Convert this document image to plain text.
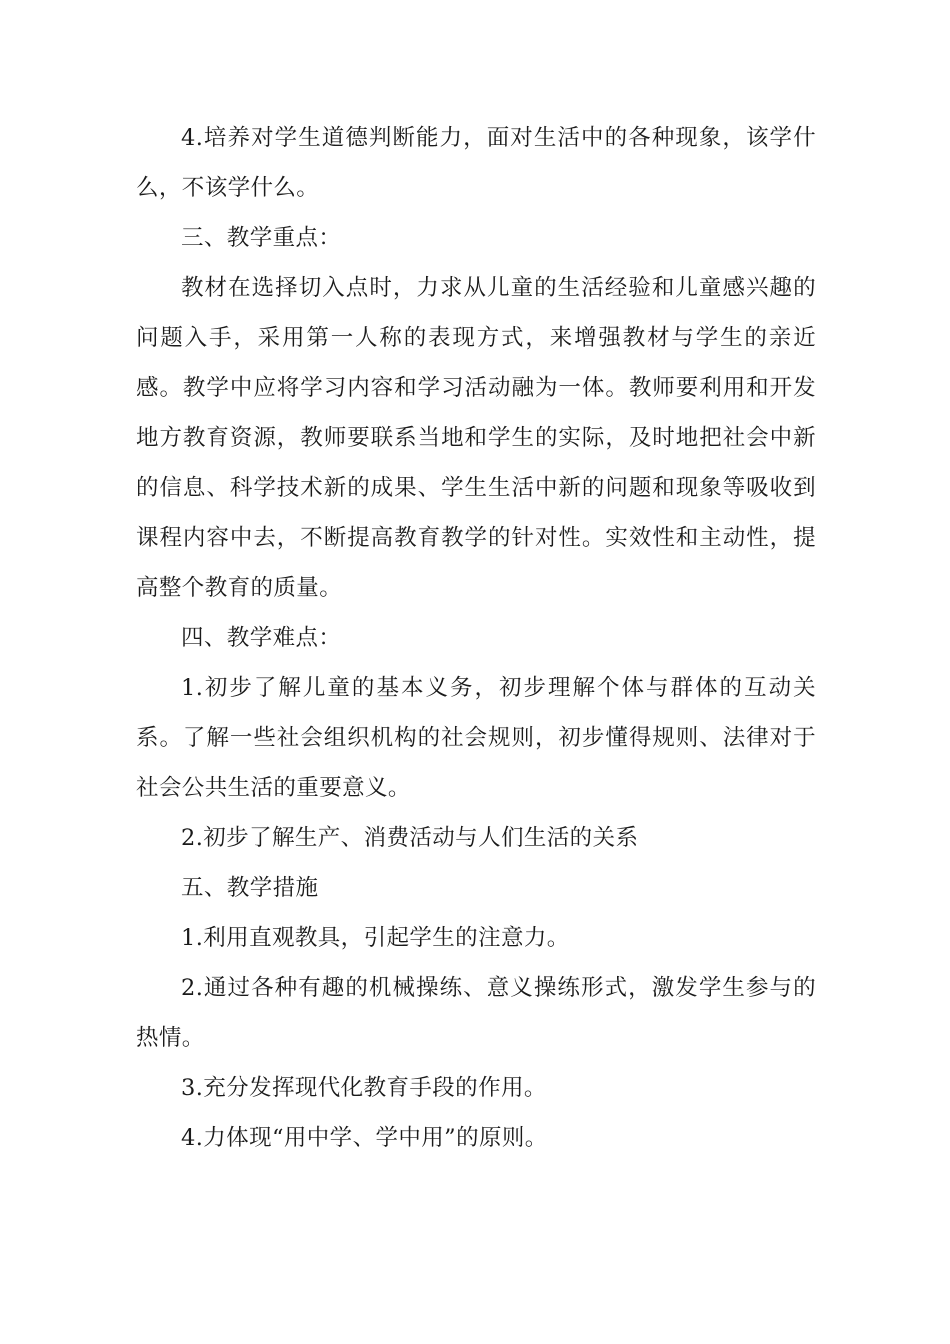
4.培养对学生道德判断能力，面对生活中的各种现象，该学什么，不该学什么。

三、教学重点：

教材在选择切入点时，力求从儿童的生活经验和儿童感兴趣的问题入手，采用第一人称的表现方式，来增强教材与学生的亲近感。教学中应将学习内容和学习活动融为一体。教师要利用和开发地方教育资源，教师要联系当地和学生的实际，及时地把社会中新的信息、科学技术新的成果、学生生活中新的问题和现象等吸收到课程内容中去，不断提高教育教学的针对性。实效性和主动性，提高整个教育的质量。

四、教学难点：

1.初步了解儿童的基本义务，初步理解个体与群体的互动关系。了解一些社会组织机构的社会规则，初步懂得规则、法律对于社会公共生活的重要意义。

2.初步了解生产、消费活动与人们生活的关系

五、教学措施

1.利用直观教具，引起学生的注意力。

2.通过各种有趣的机械操练、意义操练形式，激发学生参与的热情。

3.充分发挥现代化教育手段的作用。

4.力体现“用中学、学中用”的原则。
